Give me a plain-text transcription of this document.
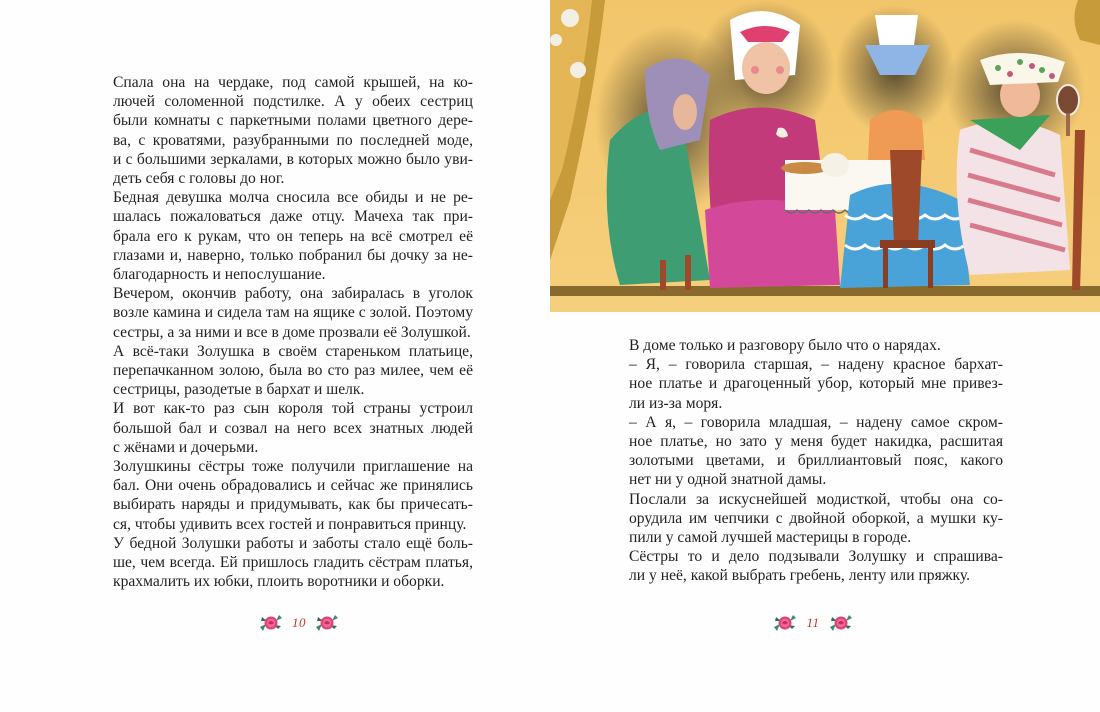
Спала она на чердаке, под самой крышей, на ко-
лючей соломенной подстилке. А у обеих сестриц
были комнаты с паркетными полами цветного дере-
ва, с кроватями, разубранными по последней моде,
и с большими зеркалами, в которых можно было уви-
деть себя с головы до ног.

Бедная девушка молча сносила все обиды и не ре-
шалась пожаловаться даже отцу. Мачеха так при-
брала его к рукам, что он теперь на всё смотрел её
глазами и, наверно, только побранил бы дочку за не-
благодарность и непослушание.

Вечером, окончив работу, она забиралась в уголок
возле камина и сидела там на ящике с золой. Поэтому
сестры, а за ними и все в доме прозвали её Золушкой.

А всё-таки Золушка в своём стареньком платьице,
перепачканном золою, была во сто раз милее, чем её
сестрицы, разодетые в бархат и шелк.

И вот как-то раз сын короля той страны устроил
большой бал и созвал на него всех знатных людей
с жёнами и дочерьми.

Золушкины сёстры тоже получили приглашение на
бал. Они очень обрадовались и сейчас же принялись
выбирать наряды и придумывать, как бы причесать-
ся, чтобы удивить всех гостей и понравиться принцу.

У бедной Золушки работы и заботы стало ещё боль-
ше, чем всегда. Ей пришлось гладить сёстрам платья,
крахмалить их юбки, плоить воротники и оборки.

10

В доме только и разговору было что о нарядах.

– Я, – говорила старшая, – надену красное бархат-
ное платье и драгоценный убор, который мне привез-
ли из-за моря.

– А я, – говорила младшая, – надену самое скром-
ное платье, но зато у меня будет накидка, расшитая
золотыми цветами, и бриллиантовый пояс, какого
нет ни у одной знатной дамы.

Послали за искуснейшей модисткой, чтобы она со-
орудила им чепчики с двойной оборкой, а мушки ку-
пили у самой лучшей мастерицы в городе.

Сёстры то и дело подзывали Золушку и спрашива-
ли у неё, какой выбрать гребень, ленту или пряжку.

11
